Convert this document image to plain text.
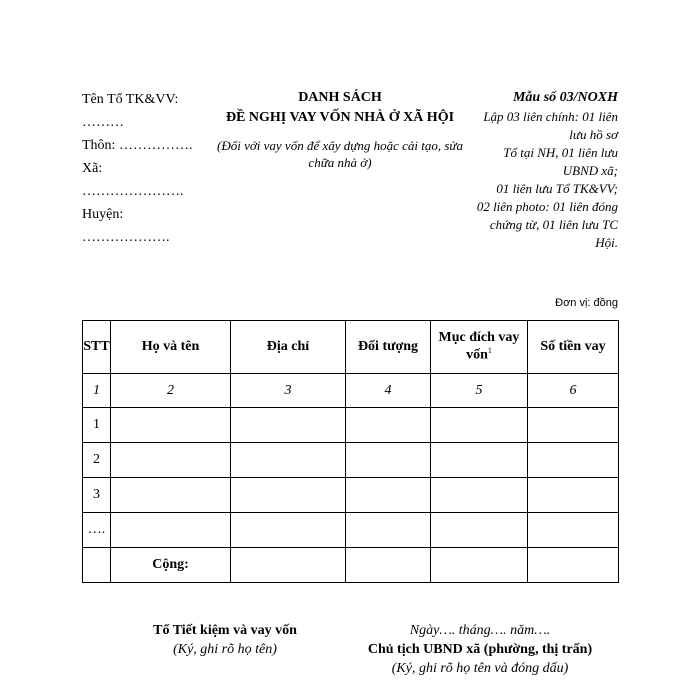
Tên Tổ TK&VV:
………
Thôn: …………….
Xã:
………………….
Huyện:
……………….
DANH SÁCH
ĐỀ NGHỊ VAY VỐN NHÀ Ở XÃ HỘI
(Đối với vay vốn để xây dựng hoặc cải tạo, sửa chữa nhà ở)
Mẫu số 03/NOXH
Lập 03 liên chính: 01 liên lưu hồ sơ
Tổ tại NH, 01 liên lưu UBND xã;
01 liên lưu Tổ TK&VV;
02 liên photo: 01 liên đóng chứng từ, 01 liên lưu TC Hội.
Đơn vị: đồng
STT	Họ và tên	Địa chỉ	Đối tượng	Mục đích vay vốn$^1$	Số tiền vay
1	2	3	4	5	6
1					
2					
3					
….					
	Cộng:				
Tổ Tiết kiệm và vay vốn
(Ký, ghi rõ họ tên)
Ngày…. tháng…. năm….
Chủ tịch UBND xã (phường, thị trấn)
(Ký, ghi rõ họ tên và đóng dấu)
